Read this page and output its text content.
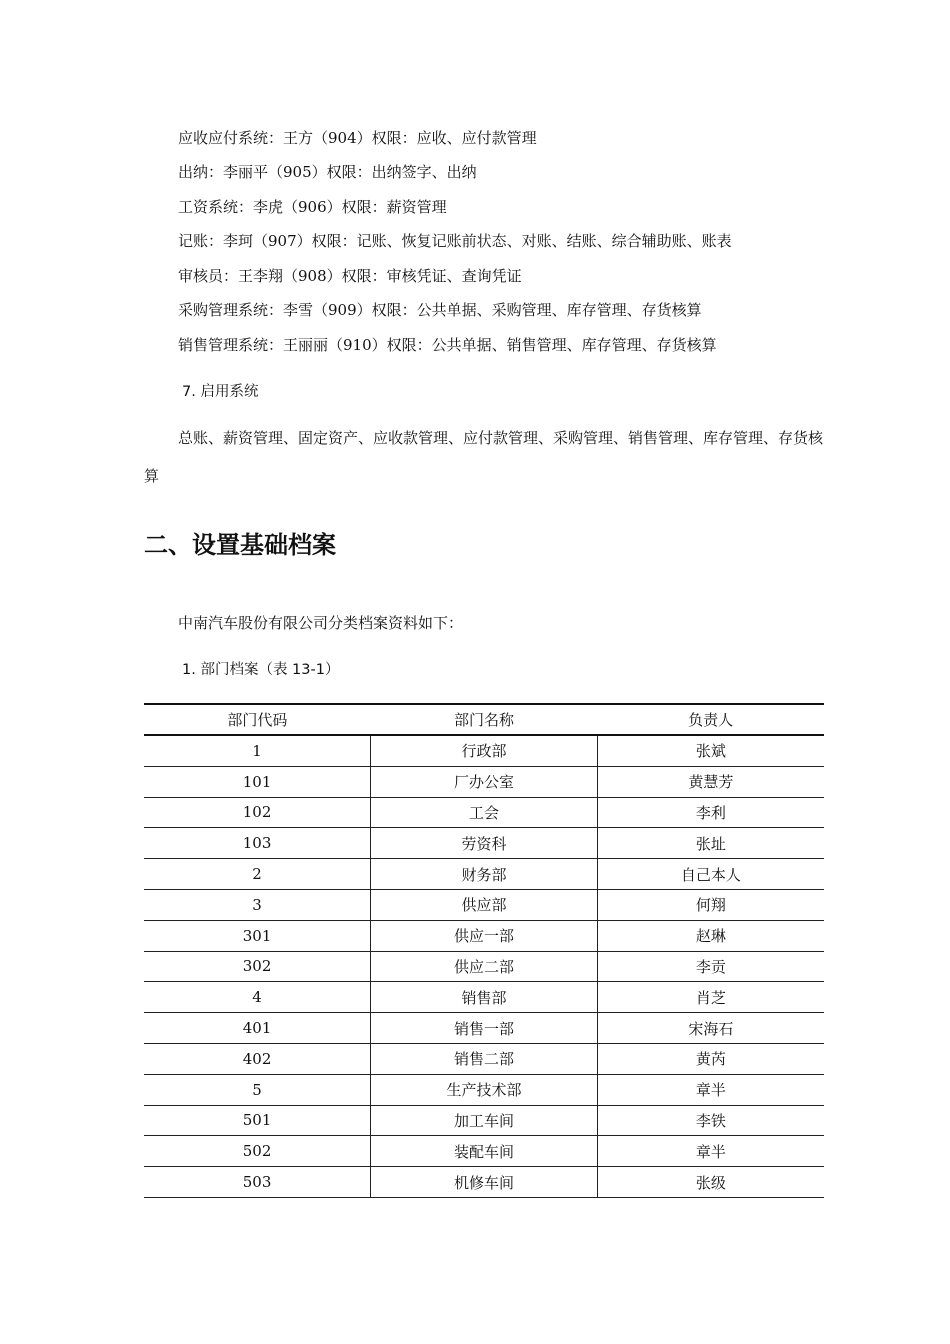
应收应付系统：王方（904）权限：应收、应付款管理
出纳：李丽平（905）权限：出纳签字、出纳
工资系统：李虎（906）权限：薪资管理
记账：李珂（907）权限：记账、恢复记账前状态、对账、结账、综合辅助账、账表
审核员：王李翔（908）权限：审核凭证、查询凭证
采购管理系统：李雪（909）权限：公共单据、采购管理、库存管理、存货核算
销售管理系统：王丽丽（910）权限：公共单据、销售管理、库存管理、存货核算
7. 启用系统
总账、薪资管理、固定资产、应收款管理、应付款管理、采购管理、销售管理、库存管理、存货核算
二、设置基础档案
中南汽车股份有限公司分类档案资料如下：
1. 部门档案（表 13-1）
部门代码	部门名称	负责人
1	行政部	张斌
101	厂办公室	黄慧芳
102	工会	李利
103	劳资科	张址
2	财务部	自己本人
3	供应部	何翔
301	供应一部	赵琳
302	供应二部	李贡
4	销售部	肖芝
401	销售一部	宋海石
402	销售二部	黄芮
5	生产技术部	章半
501	加工车间	李铁
502	装配车间	章半
503	机修车间	张级
